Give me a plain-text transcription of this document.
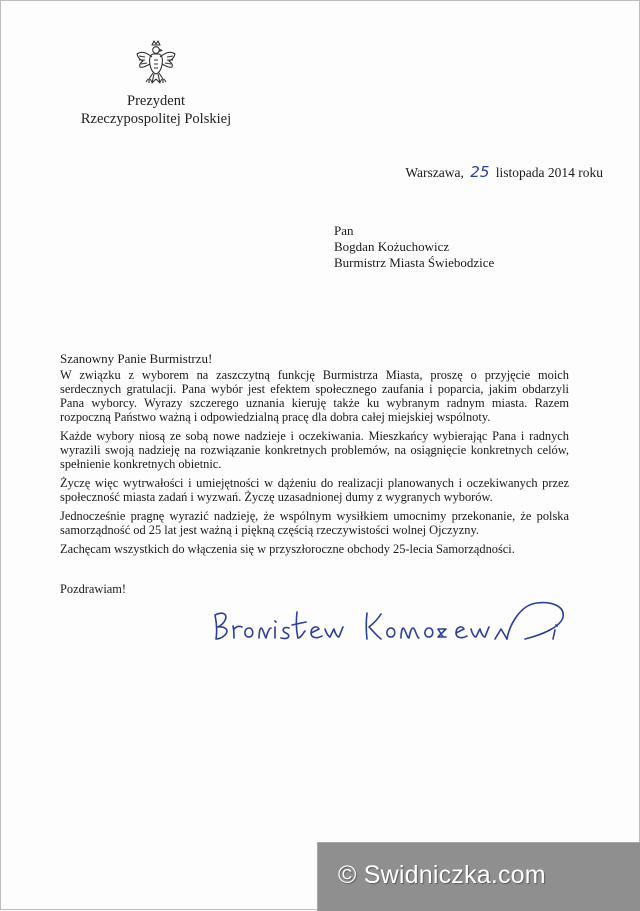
Prezydent
Rzeczypospolitej Polskiej
Warszawa, 25 listopada 2014 roku
Pan
Bogdan Kożuchowicz
Burmistrz Miasta Świebodzice
Szanowny Panie Burmistrzu!

W związku z wyborem na zaszczytną funkcję Burmistrza Miasta, proszę o przyjęcie moich serdecznych gratulacji. Pana wybór jest efektem społecznego zaufania i poparcia, jakim obdarzyli Pana wyborcy. Wyrazy szczerego uznania kieruję także ku wybranym radnym miasta. Razem rozpoczną Państwo ważną i odpowiedzialną pracę dla dobra całej miejskiej wspólnoty.

Każde wybory niosą ze sobą nowe nadzieje i oczekiwania. Mieszkańcy wybierając Pana i radnych wyrazili swoją nadzieję na rozwiązanie konkretnych problemów, na osiągnięcie konkretnych celów, spełnienie konkretnych obietnic.

Życzę więc wytrwałości i umiejętności w dążeniu do realizacji planowanych i oczekiwanych przez społeczność miasta zadań i wyzwań. Życzę uzasadnionej dumy z wygranych wyborów.

Jednocześnie pragnę wyrazić nadzieję, że wspólnym wysiłkiem umocnimy przekonanie, że polska samorządność od 25 lat jest ważną i piękną częścią rzeczywistości wolnej Ojczyzny.

Zachęcam wszystkich do włączenia się w przyszłoroczne obchody 25-lecia Samorządności.

Pozdrawiam!
© Swidniczka.com
